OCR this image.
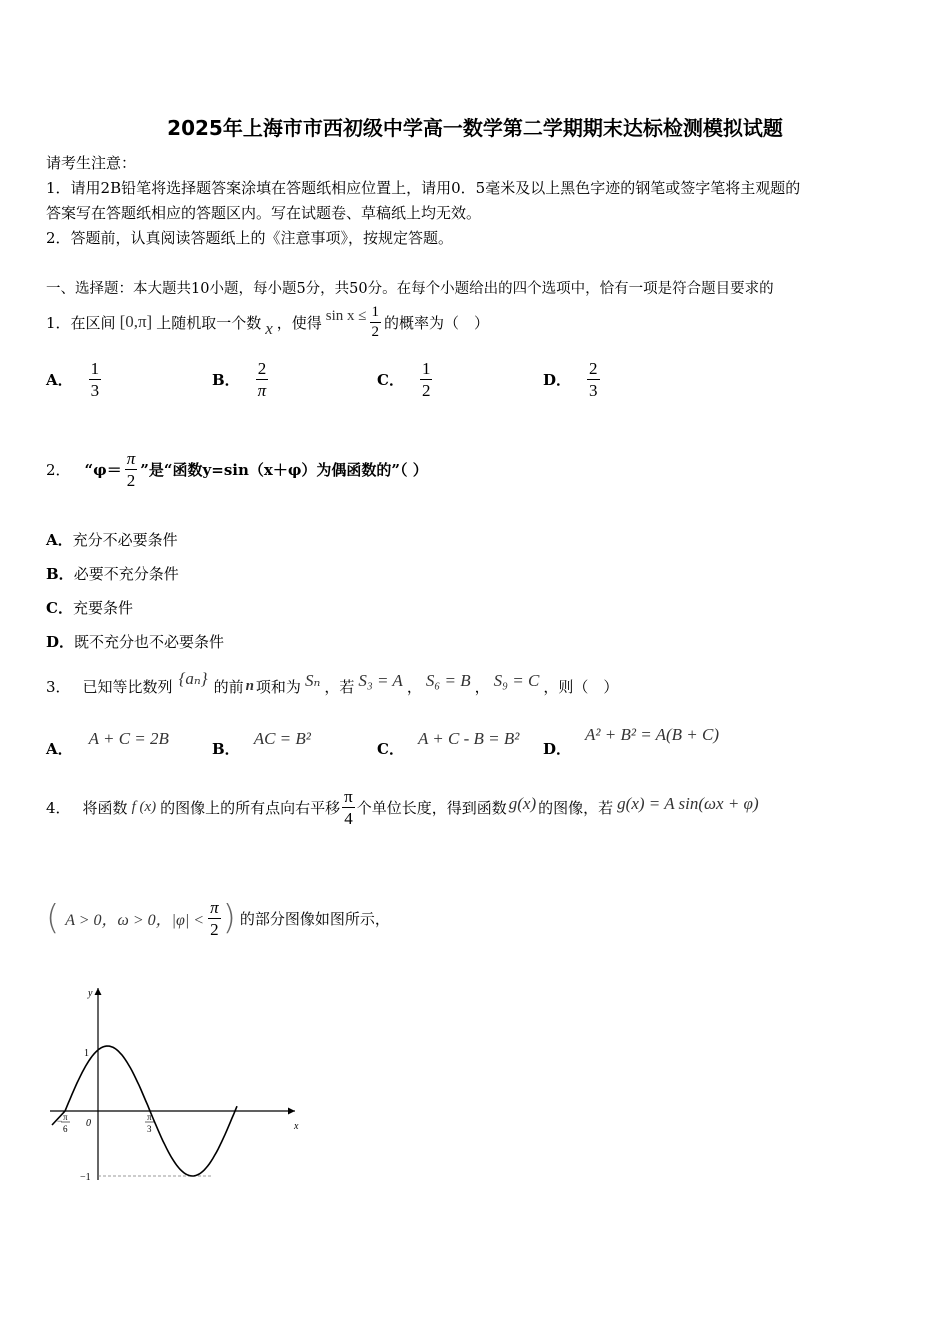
2025年上海市市西初级中学高一数学第二学期期末达标检测模拟试题
请考生注意：
1．请用2B铅笔将选择题答案涂填在答题纸相应位置上，请用0．5毫米及以上黑色字迹的钢笔或签字笔将主观题的
答案写在答题纸相应的答题区内。写在试题卷、草稿纸上均无效。
2．答题前，认真阅读答题纸上的《注意事项》，按规定答题。
一、选择题：本大题共10小题，每小题5分，共50分。在每个小题给出的四个选项中，恰有一项是符合题目要求的
1． 在区间 [0,π] 上随机取一个数 x ，使得 $\sin x \le \frac{1}{2}$ 的概率为（　）
A． $\frac{1}{3}$	B． $\frac{2}{\pi}$	C． $\frac{1}{2}$	D． $\frac{2}{3}$
2． “$\varphi= \frac{\pi}{2}$ ”是“函数y=sin（x＋φ）为偶函数的”（ ）
A．充分不必要条件
B．必要不充分条件
C．充要条件
D．既不充分也不必要条件
3． 已知等比数列 {aₙ} 的前 n 项和为 Sₙ ，若 S₃ = A ， S₆ = B ， S₉ = C ，则（　）
A．
A + C = 2B
B．
AC = B²
C．
A + C - B = B²
D．
A² + B² = A(B + C)
4． 将函数 f (x) 的图像上的所有点向右平移 $\frac{\pi}{4}$ 个单位长度，得到函数 g(x) 的图像，若 g(x) = A sin(ωx + φ)
( A > 0，ω > 0，$|\varphi| < \frac{\pi}{2}$ ) 的部分图像如图所示，
y
x
0
1
−1
− π
6
π
3
